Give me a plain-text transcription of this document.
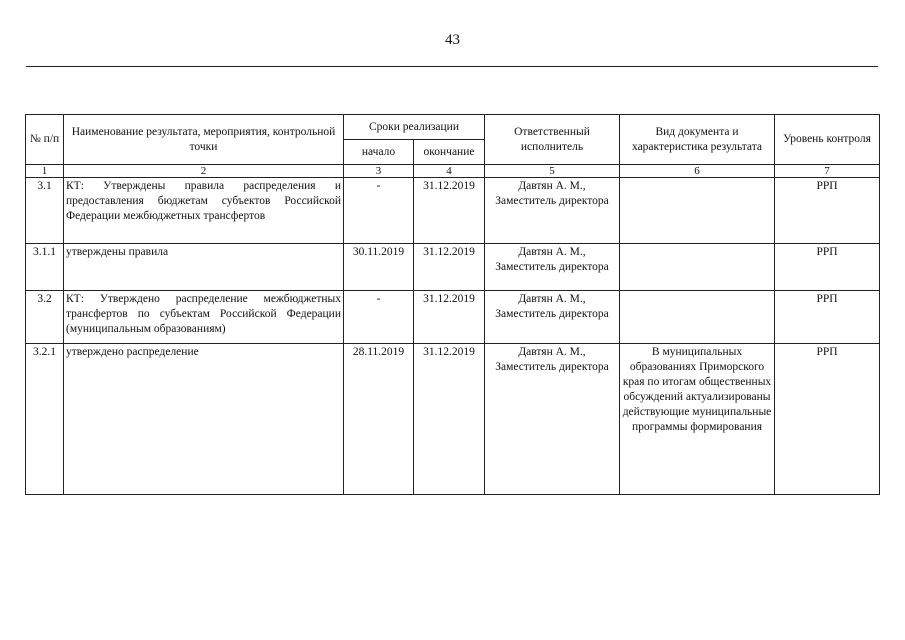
43
№ п/п	Наименование результата, мероприятия, контрольной точки	Сроки реализации		Ответственный исполнитель	Вид документа и характеристика результата	Уровень контроля
		начало	окончание			
1	2	3	4	5	6	7
3.1	КТ: Утверждены правила распределения и предоставления бюджетам субъектов Российской Федерации межбюджетных трансфертов	-	31.12.2019	Давтян А. М., Заместитель директора		РРП
3.1.1	утверждены правила	30.11.2019	31.12.2019	Давтян А. М., Заместитель директора		РРП
3.2	КТ: Утверждено распределение межбюджетных трансфертов по субъектам Российской Федерации (муниципальным образованиям)	-	31.12.2019	Давтян А. М., Заместитель директора		РРП
3.2.1	утверждено распределение	28.11.2019	31.12.2019	Давтян А. М., Заместитель директора	В муниципальных образованиях Приморского края по итогам общественных обсуждений актуализированы действующие муниципальные программы формирования	РРП
